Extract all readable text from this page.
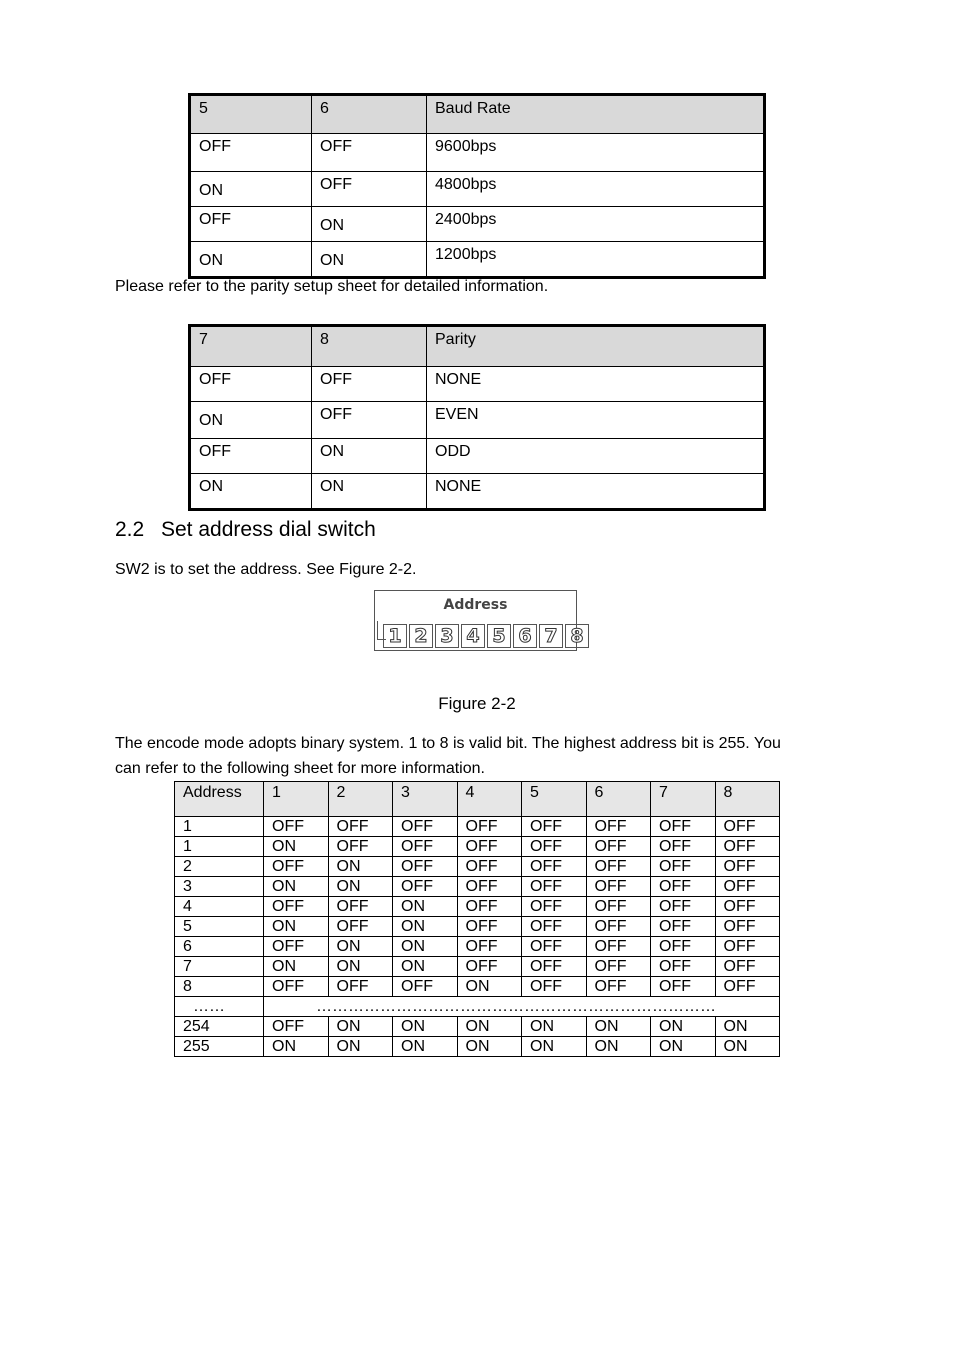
5	6	Baud Rate
OFF	OFF	9600bps
ON	OFF	4800bps
OFF	ON	2400bps
ON	ON	1200bps
Please refer to the parity setup sheet for detailed information.
7	8	Parity
OFF	OFF	NONE
ON	OFF	EVEN
OFF	ON	ODD
ON	ON	NONE
2.2 Set address dial switch
SW2 is to set the address. See Figure 2-2.
Address
1 2 3 4 5 6 7 8
Figure 2-2
The encode mode adopts binary system. 1 to 8 is valid bit. The highest address bit is 255. You
can refer to the following sheet for more information.
Address	1	2	3	4	5	6	7	8
1	OFF	OFF	OFF	OFF	OFF	OFF	OFF	OFF
1	ON	OFF	OFF	OFF	OFF	OFF	OFF	OFF
2	OFF	ON	OFF	OFF	OFF	OFF	OFF	OFF
3	ON	ON	OFF	OFF	OFF	OFF	OFF	OFF
4	OFF	OFF	ON	OFF	OFF	OFF	OFF	OFF
5	ON	OFF	ON	OFF	OFF	OFF	OFF	OFF
6	OFF	ON	ON	OFF	OFF	OFF	OFF	OFF
7	ON	ON	ON	OFF	OFF	OFF	OFF	OFF
8	OFF	OFF	OFF	ON	OFF	OFF	OFF	OFF
……	…………………………………………………………………							
254	OFF	ON	ON	ON	ON	ON	ON	ON
255	ON	ON	ON	ON	ON	ON	ON	ON
